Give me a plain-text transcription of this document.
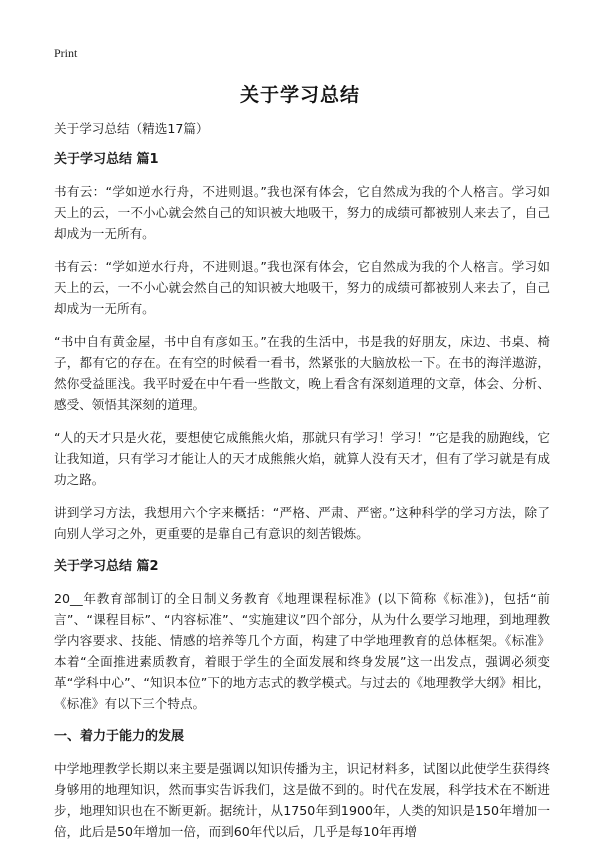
Print
关于学习总结

关于学习总结（精选17篇）

关于学习总结 篇1

书有云：“学如逆水行舟，不进则退。”我也深有体会，它自然成为我的个人格言。学习如天上的云，一不小心就会然自己的知识被大地吸干，努力的成绩可都被别人来去了，自己却成为一无所有。

书有云：“学如逆水行舟，不进则退。”我也深有体会，它自然成为我的个人格言。学习如天上的云，一不小心就会然自己的知识被大地吸干，努力的成绩可都被别人来去了，自己却成为一无所有。

“书中自有黄金屋，书中自有彦如玉。”在我的生活中，书是我的好朋友，床边、书桌、椅子，都有它的存在。在有空的时候看一看书，然紧张的大脑放松一下。在书的海洋遨游，然你受益匪浅。我平时爱在中午看一些散文，晚上看含有深刻道理的文章，体会、分析、感受、领悟其深刻的道理。

“人的天才只是火花，要想使它成熊熊火焰，那就只有学习！学习！”它是我的励跑线，它让我知道，只有学习才能让人的天才成熊熊火焰，就算人没有天才，但有了学习就是有成功之路。

讲到学习方法，我想用六个字来概括：“严格、严肃、严密。”这种科学的学习方法，除了向别人学习之外，更重要的是靠自己有意识的刻苦锻炼。

关于学习总结 篇2

20__年教育部制订的全日制义务教育《地理课程标准》(以下简称《标准》)，包括“前言”、“课程目标”、“内容标准”、“实施建议”四个部分，从为什么要学习地理，到地理教学内容要求、技能、情感的培养等几个方面，构建了中学地理教育的总体框架。《标准》本着“全面推进素质教育，着眼于学生的全面发展和终身发展”这一出发点，强调必须变革“学科中心”、“知识本位”下的地方志式的教学模式。与过去的《地理教学大纲》相比，《标准》有以下三个特点。

一、着力于能力的发展

中学地理教学长期以来主要是强调以知识传播为主，识记材料多，试图以此使学生获得终身够用的地理知识，然而事实告诉我们，这是做不到的。时代在发展，科学技术在不断进步，地理知识也在不断更新。据统计，从1750年到1900年，人类的知识是150年增加一倍，此后是50年增加一倍，而到60年代以后，几乎是每10年再增
